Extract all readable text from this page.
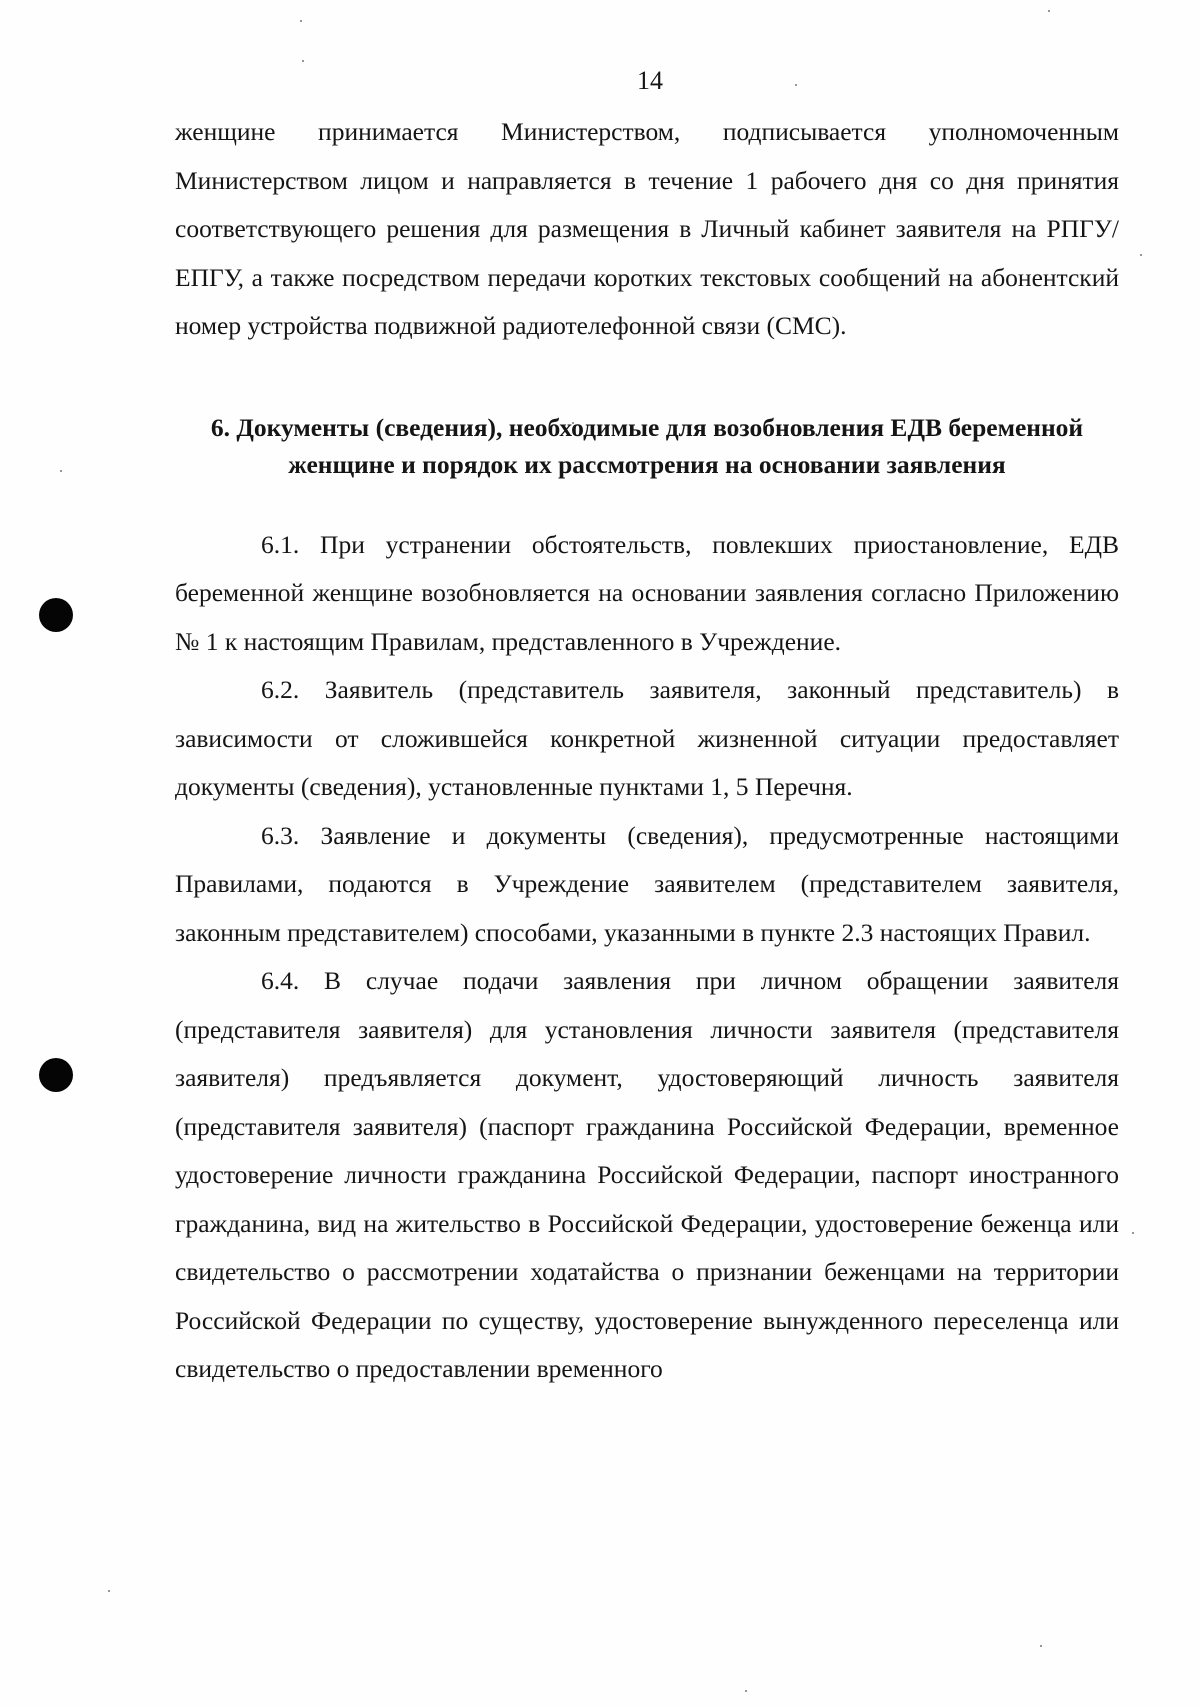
14

женщине принимается Министерством, подписывается уполномоченным Министерством лицом и направляется в течение 1 рабочего дня со дня принятия соответствующего решения для размещения в Личный кабинет заявителя на РПГУ/ЕПГУ, а также посредством передачи коротких текстовых сообщений на абонентский номер устройства подвижной радиотелефонной связи (СМС).

6. Документы (сведения), необходимые для возобновления ЕДВ беременной женщине и порядок их рассмотрения на основании заявления

6.1. При устранении обстоятельств, повлекших приостановление, ЕДВ беременной женщине возобновляется на основании заявления согласно Приложению № 1 к настоящим Правилам, представленного в Учреждение.

6.2. Заявитель (представитель заявителя, законный представитель) в зависимости от сложившейся конкретной жизненной ситуации предоставляет документы (сведения), установленные пунктами 1, 5 Перечня.

6.3. Заявление и документы (сведения), предусмотренные настоящими Правилами, подаются в Учреждение заявителем (представителем заявителя, законным представителем) способами, указанными в пункте 2.3 настоящих Правил.

6.4. В случае подачи заявления при личном обращении заявителя (представителя заявителя) для установления личности заявителя (представителя заявителя) предъявляется документ, удостоверяющий личность заявителя (представителя заявителя) (паспорт гражданина Российской Федерации, временное удостоверение личности гражданина Российской Федерации, паспорт иностранного гражданина, вид на жительство в Российской Федерации, удостоверение беженца или свидетельство о рассмотрении ходатайства о признании беженцами на территории Российской Федерации по существу, удостоверение вынужденного переселенца или свидетельство о предоставлении временного
